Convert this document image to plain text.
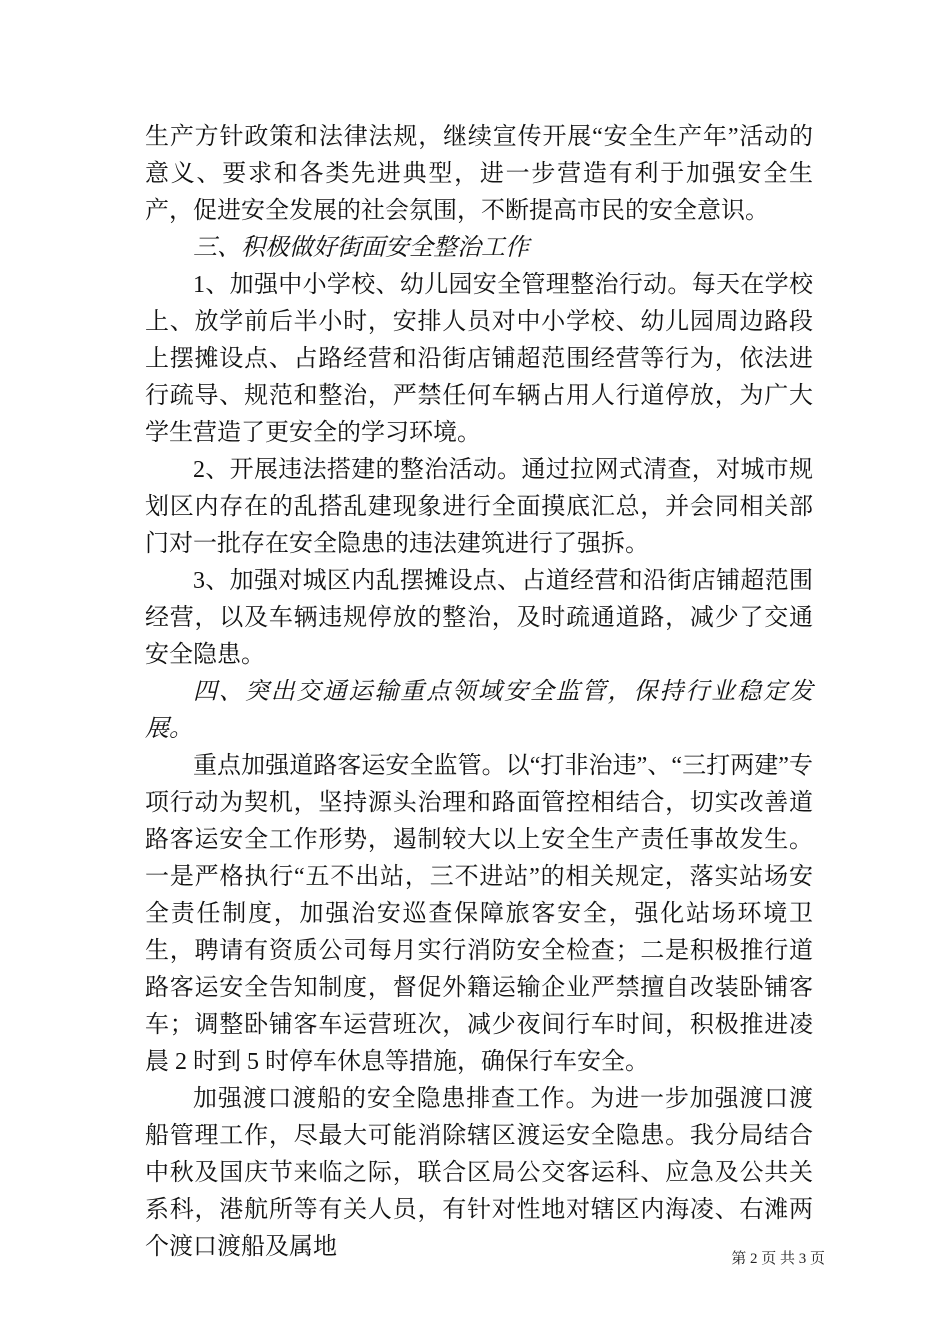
生产方针政策和法律法规，继续宣传开展“安全生产年”活动的意义、要求和各类先进典型，进一步营造有利于加强安全生产，促进安全发展的社会氛围，不断提高市民的安全意识。

三、积极做好街面安全整治工作

1、加强中小学校、幼儿园安全管理整治行动。每天在学校上、放学前后半小时，安排人员对中小学校、幼儿园周边路段上摆摊设点、占路经营和沿街店铺超范围经营等行为，依法进行疏导、规范和整治，严禁任何车辆占用人行道停放，为广大学生营造了更安全的学习环境。

2、开展违法搭建的整治活动。通过拉网式清查，对城市规划区内存在的乱搭乱建现象进行全面摸底汇总，并会同相关部门对一批存在安全隐患的违法建筑进行了强拆。

3、加强对城区内乱摆摊设点、占道经营和沿街店铺超范围经营，以及车辆违规停放的整治，及时疏通道路，减少了交通安全隐患。

四、突出交通运输重点领域安全监管，保持行业稳定发展。

重点加强道路客运安全监管。以“打非治违”、“三打两建”专项行动为契机，坚持源头治理和路面管控相结合，切实改善道路客运安全工作形势，遏制较大以上安全生产责任事故发生。一是严格执行“五不出站，三不进站”的相关规定，落实站场安全责任制度，加强治安巡查保障旅客安全，强化站场环境卫生，聘请有资质公司每月实行消防安全检查；二是积极推行道路客运安全告知制度，督促外籍运输企业严禁擅自改装卧铺客车；调整卧铺客车运营班次，减少夜间行车时间，积极推进凌晨 2 时到 5 时停车休息等措施，确保行车安全。

加强渡口渡船的安全隐患排查工作。为进一步加强渡口渡船管理工作，尽最大可能消除辖区渡运安全隐患。我分局结合中秋及国庆节来临之际，联合区局公交客运科、应急及公共关系科，港航所等有关人员，有针对性地对辖区内海凌、右滩两个渡口渡船及属地	第 2 页 共 3 页
